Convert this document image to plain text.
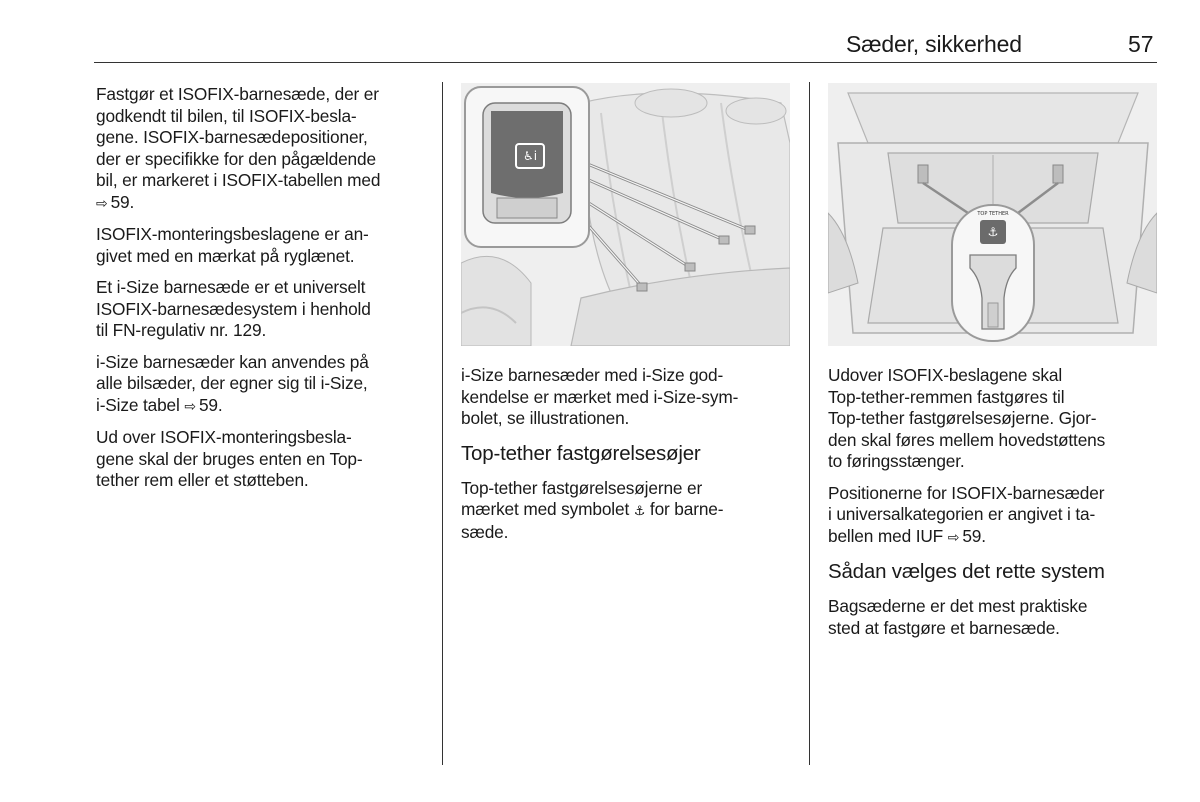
Sæder, sikkerhed	57

Fastgør et ISOFIX-barnesæde, der er
godkendt til bilen, til ISOFIX-besla-
gene. ISOFIX-barnesædepositioner,
der er specifikke for den pågældende
bil, er markeret i ISOFIX-tabellen med
⇨ 59.

ISOFIX-monteringsbeslagene er an-
givet med en mærkat på ryglænet.

Et i-Size barnesæde er et universelt
ISOFIX-barnesædesystem i henhold
til FN-regulativ nr. 129.

i-Size barnesæder kan anvendes på
alle bilsæder, der egner sig til i-Size,
i-Size tabel ⇨ 59.

Ud over ISOFIX-monteringsbesla-
gene skal der bruges enten en Top-
tether rem eller et støtteben.

♿i

i-Size barnesæder med i-Size god-
kendelse er mærket med i-Size-sym-
bolet, se illustrationen.

Top-tether fastgørelsesøjer

Top-tether fastgørelsesøjerne er
mærket med symbolet ⚓ for barne-
sæde.

TOP TETHER
⚓

Udover ISOFIX-beslagene skal
Top-tether-remmen fastgøres til
Top-tether fastgørelsesøjerne. Gjor-
den skal føres mellem hovedstøttens
to føringsstænger.

Positionerne for ISOFIX-barnesæder
i universalkategorien er angivet i ta-
bellen med IUF ⇨ 59.

Sådan vælges det rette system

Bagsæderne er det mest praktiske
sted at fastgøre et barnesæde.
